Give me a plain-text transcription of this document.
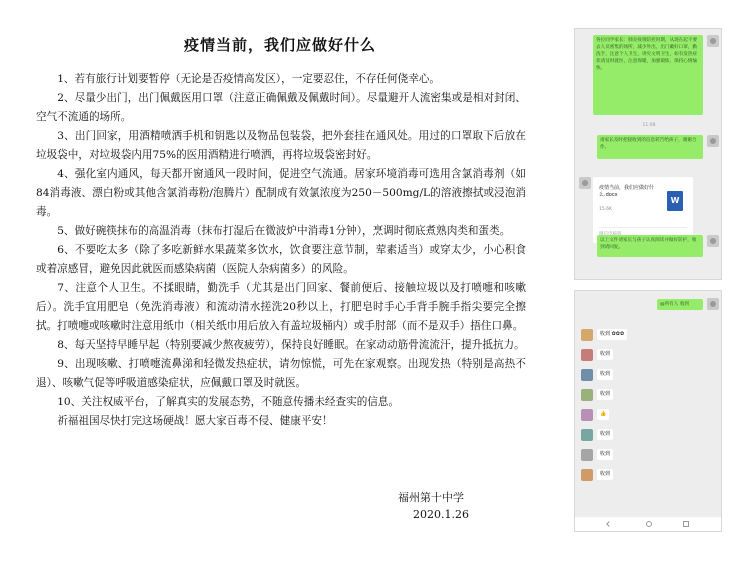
疫情当前，我们应做好什么

1、若有旅行计划要暂停（无论是否疫情高发区），一定要忍住，不存任何侥幸心。

2、尽量少出门，出门佩戴医用口罩（注意正确佩戴及佩戴时间）。尽量避开人流密集或是相对封闭、空气不流通的场所。

3、出门回家，用酒精喷洒手机和钥匙以及物品包装袋，把外套挂在通风处。用过的口罩取下后放在垃圾袋中，对垃圾袋内用75%的医用酒精进行喷洒，再将垃圾袋密封好。

4、强化室内通风，每天都开窗通风一段时间，促进空气流通。居家环境消毒可选用含氯消毒剂（如84消毒液、漂白粉或其他含氯消毒粉/泡腾片）配制成有效氯浓度为250－500mg/L的溶液擦拭或浸泡消毒。

5、做好碗筷抹布的高温消毒（抹布打湿后在微波炉中消毒1分钟），烹调时彻底煮熟肉类和蛋类。

6、不要吃太多（除了多吃新鲜水果蔬菜多饮水，饮食要注意节制，荤素适当）或穿太少，小心积食或着凉感冒，避免因此就医而感染病菌（医院人杂病菌多）的风险。

7、注意个人卫生。不揉眼睛，勤洗手（尤其是出门回家、餐前便后、接触垃圾以及打喷嚏和咳嗽后）。洗手宜用肥皂（免洗消毒液）和流动清水搓洗20秒以上，打肥皂时手心手背手腕手指尖要完全擦拭。打喷嚏或咳嗽时注意用纸巾（相关纸巾用后放入有盖垃圾桶内）或手肘部（而不是双手）捂住口鼻。

8、每天坚持早睡早起（特别要减少熬夜疲劳），保持良好睡眠。在家动动筋骨流流汗，提升抵抗力。

9、出现咳嗽、打喷嚏流鼻涕和轻微发热症状，请勿惊慌，可先在家观察。出现发热（特别是高热不退）、咳嗽气促等呼吸道感染症状，应佩戴口罩及时就医。

10、关注权威平台，了解真实的发展态势，不随意传播未经查实的信息。

祈福祖国尽快打完这场硬战！愿大家百毒不侵、健康平安！

福州第十中学
2020.1.26
各位同学家长：肺炎疫情防控时期，从现在起不要去人员密集的场所，减少外出，出门戴好口罩，勤洗手，注意个人卫生，讲究文明卫生，如有发热症状请及时就医，注意保暖，加强锻炼，保持心情愉快。
11:08
请家长及时把接收到的信息转告给孩子，谢谢合作。
疫情当前，我们应做好什么.docx
15.6K
W
以上文件请家长与孩子认真阅读并做好防护，收到请回复。
@所有人 收到
收到 ✿✿✿
收到
收到
收到
👍
收到
收到
收到
